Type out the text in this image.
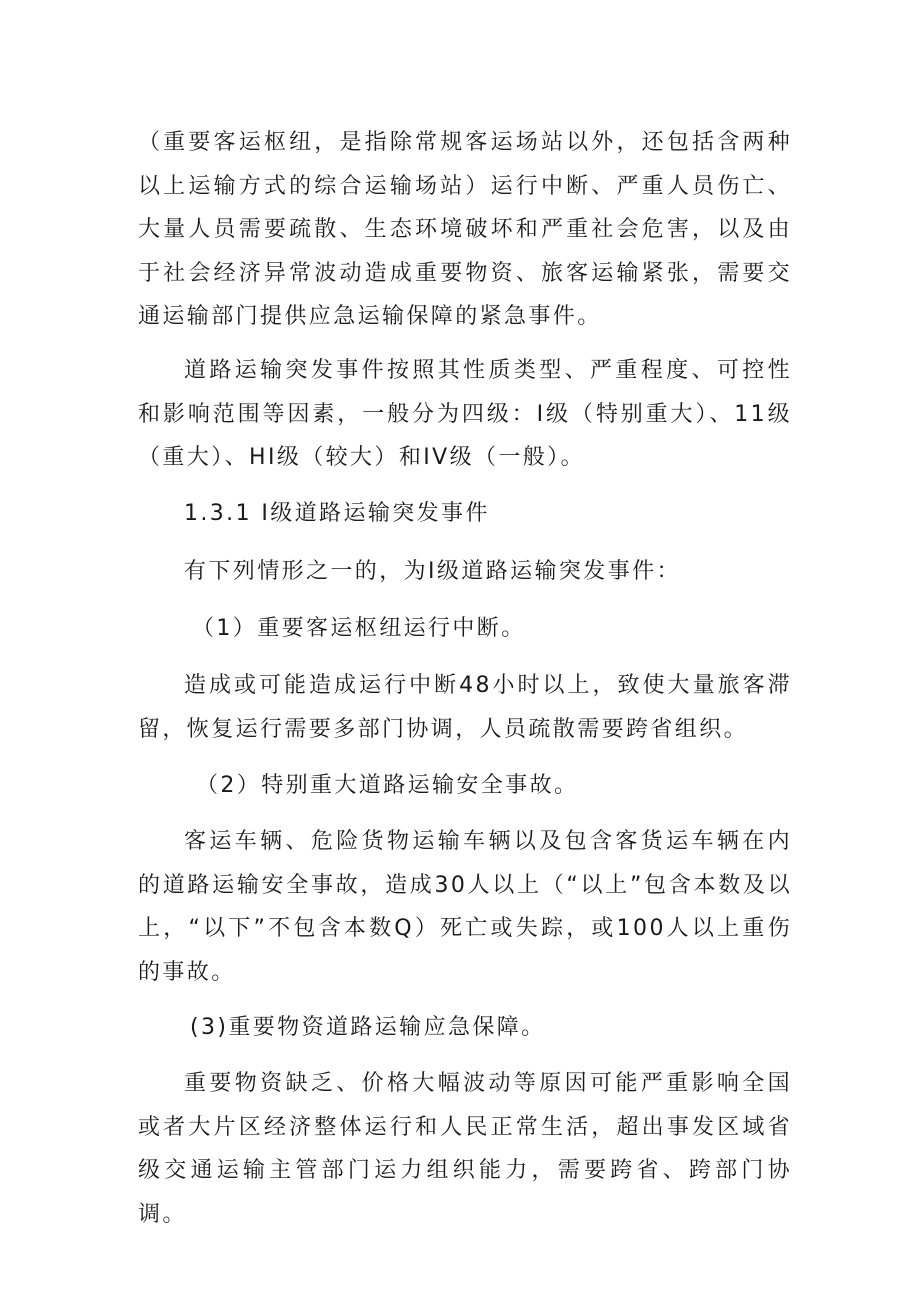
（重要客运枢纽，是指除常规客运场站以外，还包括含两种以上运输方式的综合运输场站）运行中断、严重人员伤亡、大量人员需要疏散、生态环境破坏和严重社会危害，以及由于社会经济异常波动造成重要物资、旅客运输紧张，需要交通运输部门提供应急运输保障的紧急事件。

道路运输突发事件按照其性质类型、严重程度、可控性和影响范围等因素，一般分为四级：I级（特别重大）、11级（重大）、HI级（较大）和IV级（一般）。

1.3.1 I级道路运输突发事件

有下列情形之一的，为I级道路运输突发事件：

（1）重要客运枢纽运行中断。

造成或可能造成运行中断48小时以上，致使大量旅客滞留，恢复运行需要多部门协调，人员疏散需要跨省组织。

（2）特别重大道路运输安全事故。

客运车辆、危险货物运输车辆以及包含客货运车辆在内的道路运输安全事故，造成30人以上（“以上”包含本数及以上，“以下”不包含本数Q）死亡或失踪，或100人以上重伤的事故。

(3)重要物资道路运输应急保障。

重要物资缺乏、价格大幅波动等原因可能严重影响全国或者大片区经济整体运行和人民正常生活，超出事发区域省级交通运输主管部门运力组织能力，需要跨省、跨部门协调。
